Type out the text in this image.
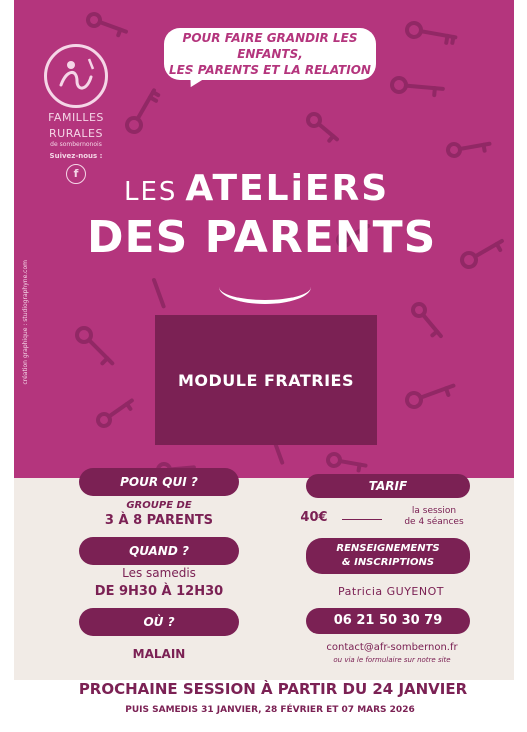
FAMILLES
RURALES
de sombernonois
Suivez-nous :
f
POUR FAIRE GRANDIR LES ENFANTS,
LES PARENTS ET LA RELATION
LES ATELiERS
DES PARENTS
création graphique : studiographyne.com	MODULE FRATRIES
POUR QUI ?
GROUPE DE
3 À 8 PARENTS
QUAND ?
Les samedis
DE 9H30 À 12H30
OÙ ?
MALAIN
TARIF
40€	la session
de 4 séances
RENSEIGNEMENTS
& INSCRIPTIONS
Patricia GUYENOT
06 21 50 30 79
contact@afr-sombernon.fr
ou via le formulaire sur notre site
PROCHAINE SESSION À PARTIR DU 24 JANVIER
PUIS SAMEDIS 31 JANVIER, 28 FÉVRIER ET 07 MARS 2026
